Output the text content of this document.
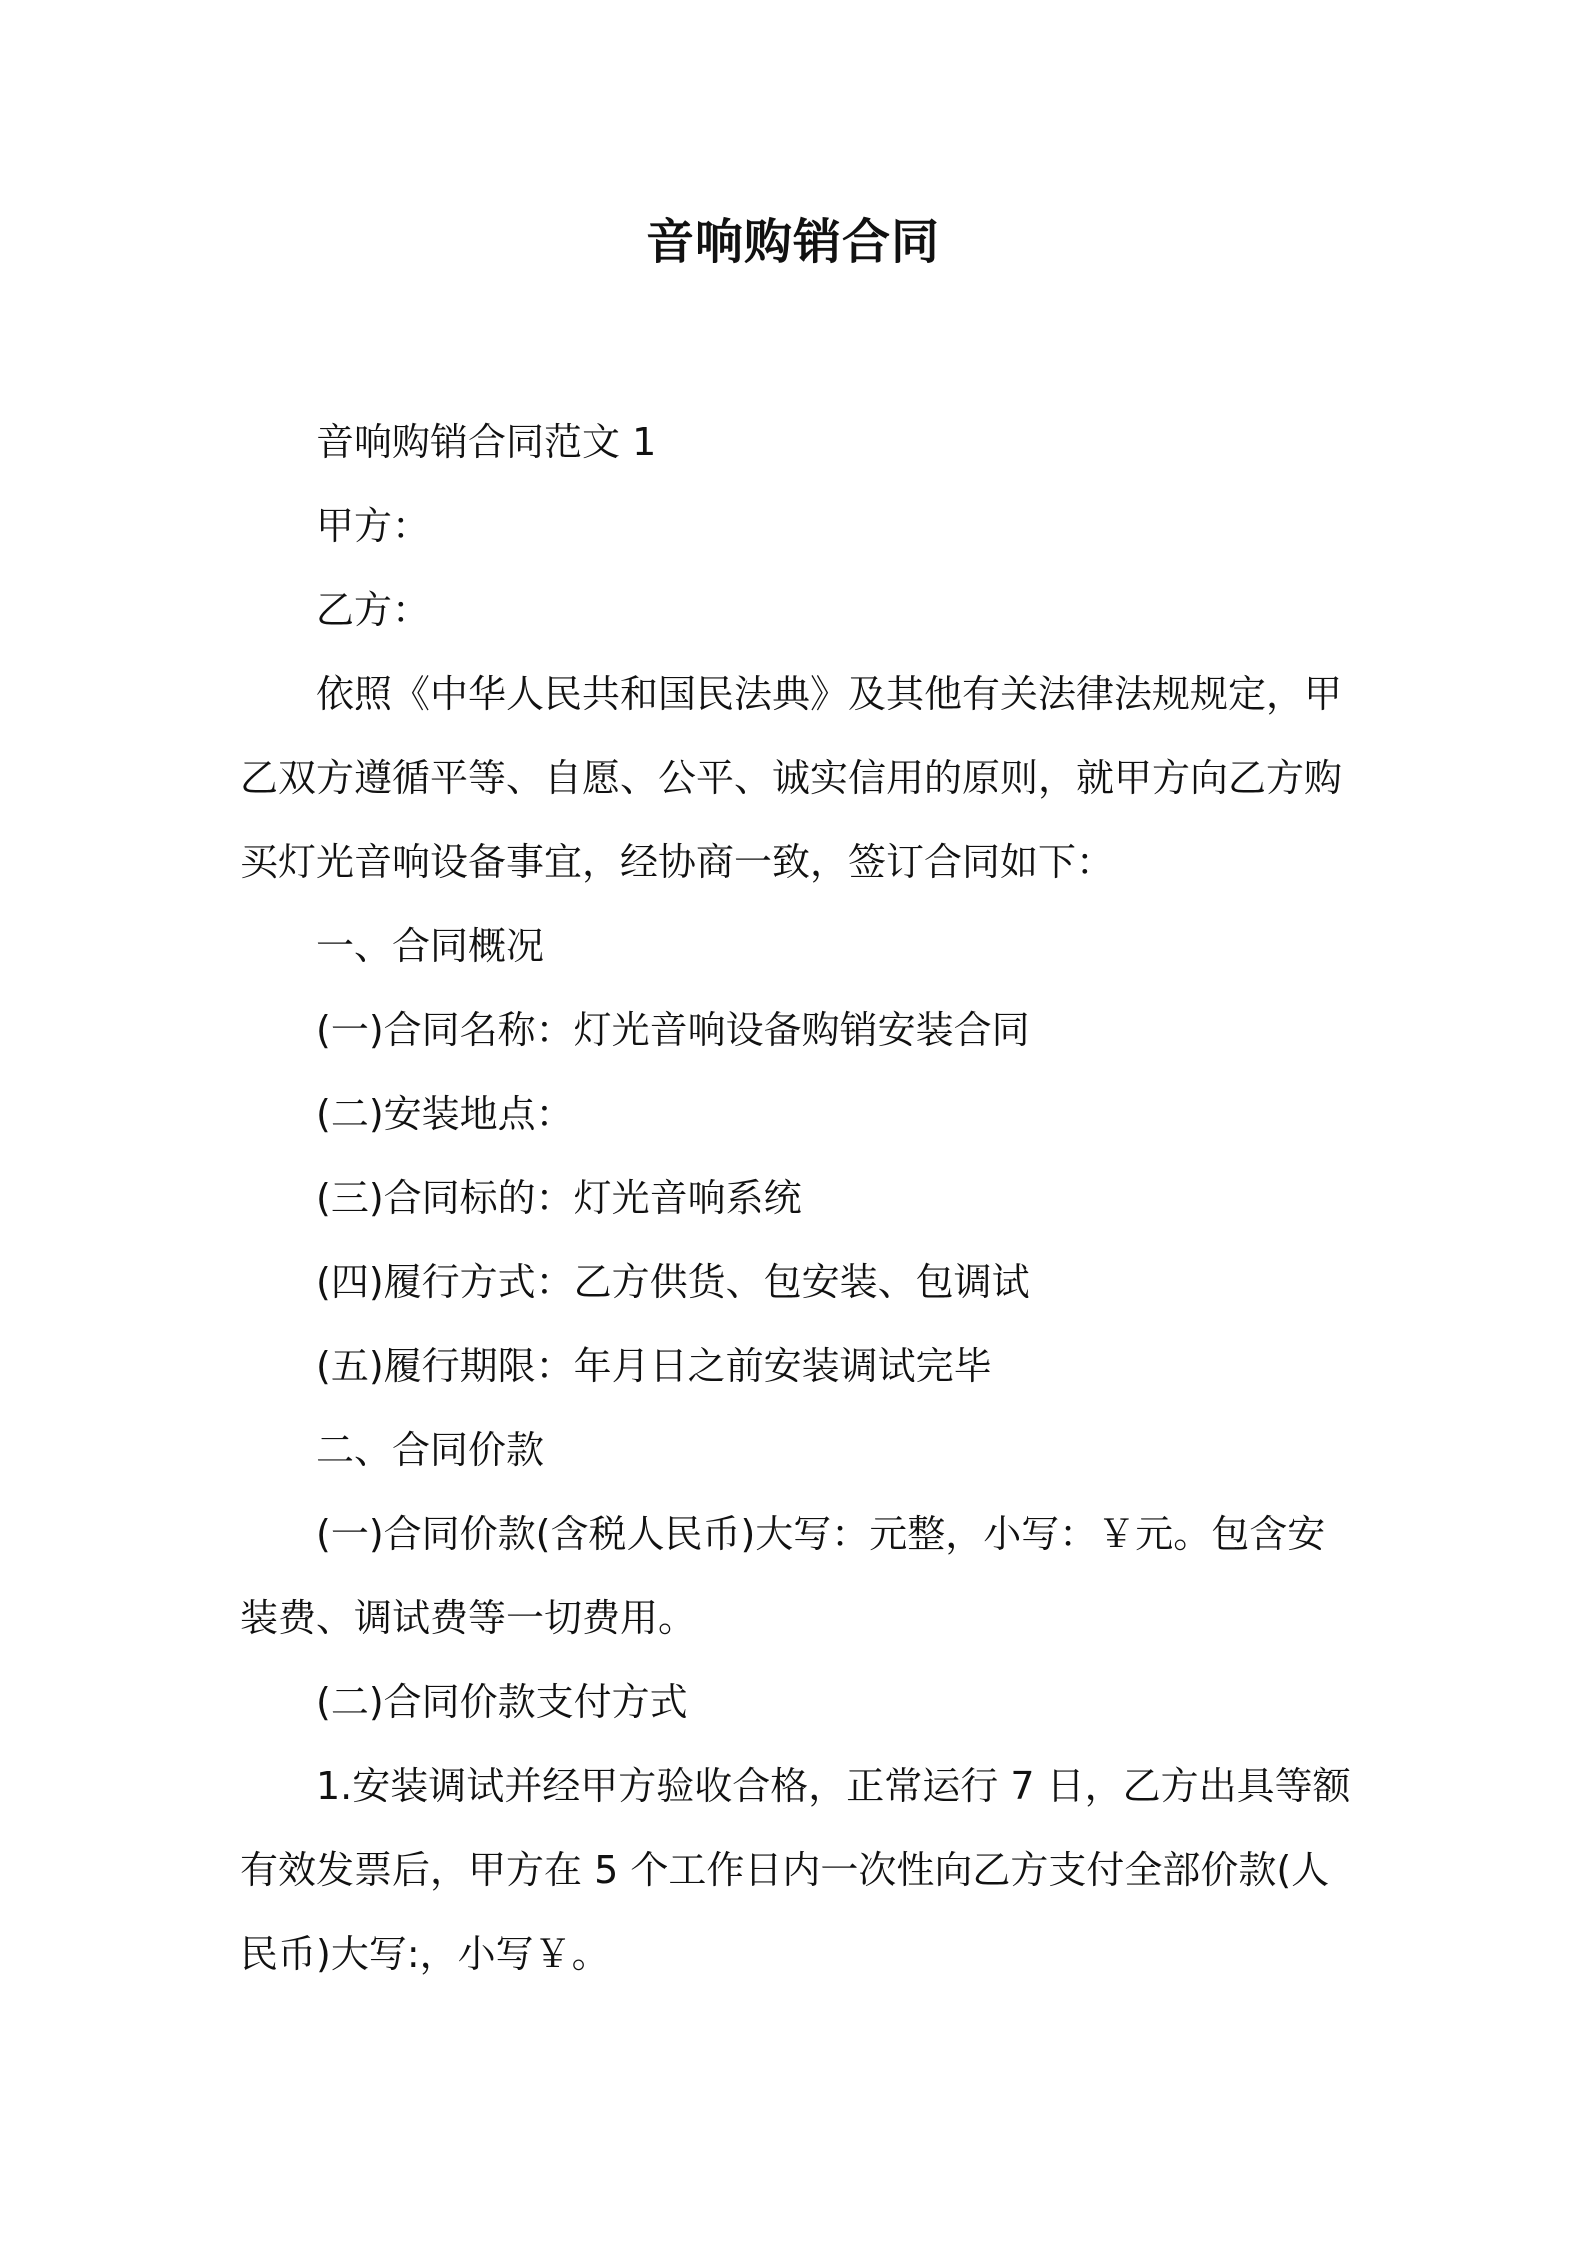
音响购销合同

音响购销合同范文 1

甲方：

乙方：

依照《中华人民共和国民法典》及其他有关法律法规规定，甲乙双方遵循平等、自愿、公平、诚实信用的原则，就甲方向乙方购买灯光音响设备事宜，经协商一致，签订合同如下：

一、合同概况

(一)合同名称：灯光音响设备购销安装合同

(二)安装地点：

(三)合同标的：灯光音响系统

(四)履行方式：乙方供货、包安装、包调试

(五)履行期限：年月日之前安装调试完毕

二、合同价款

(一)合同价款(含税人民币)大写：元整，小写：￥元。包含安装费、调试费等一切费用。

(二)合同价款支付方式

1.安装调试并经甲方验收合格，正常运行 7 日，乙方出具等额有效发票后，甲方在 5 个工作日内一次性向乙方支付全部价款(人民币)大写:，小写￥。
